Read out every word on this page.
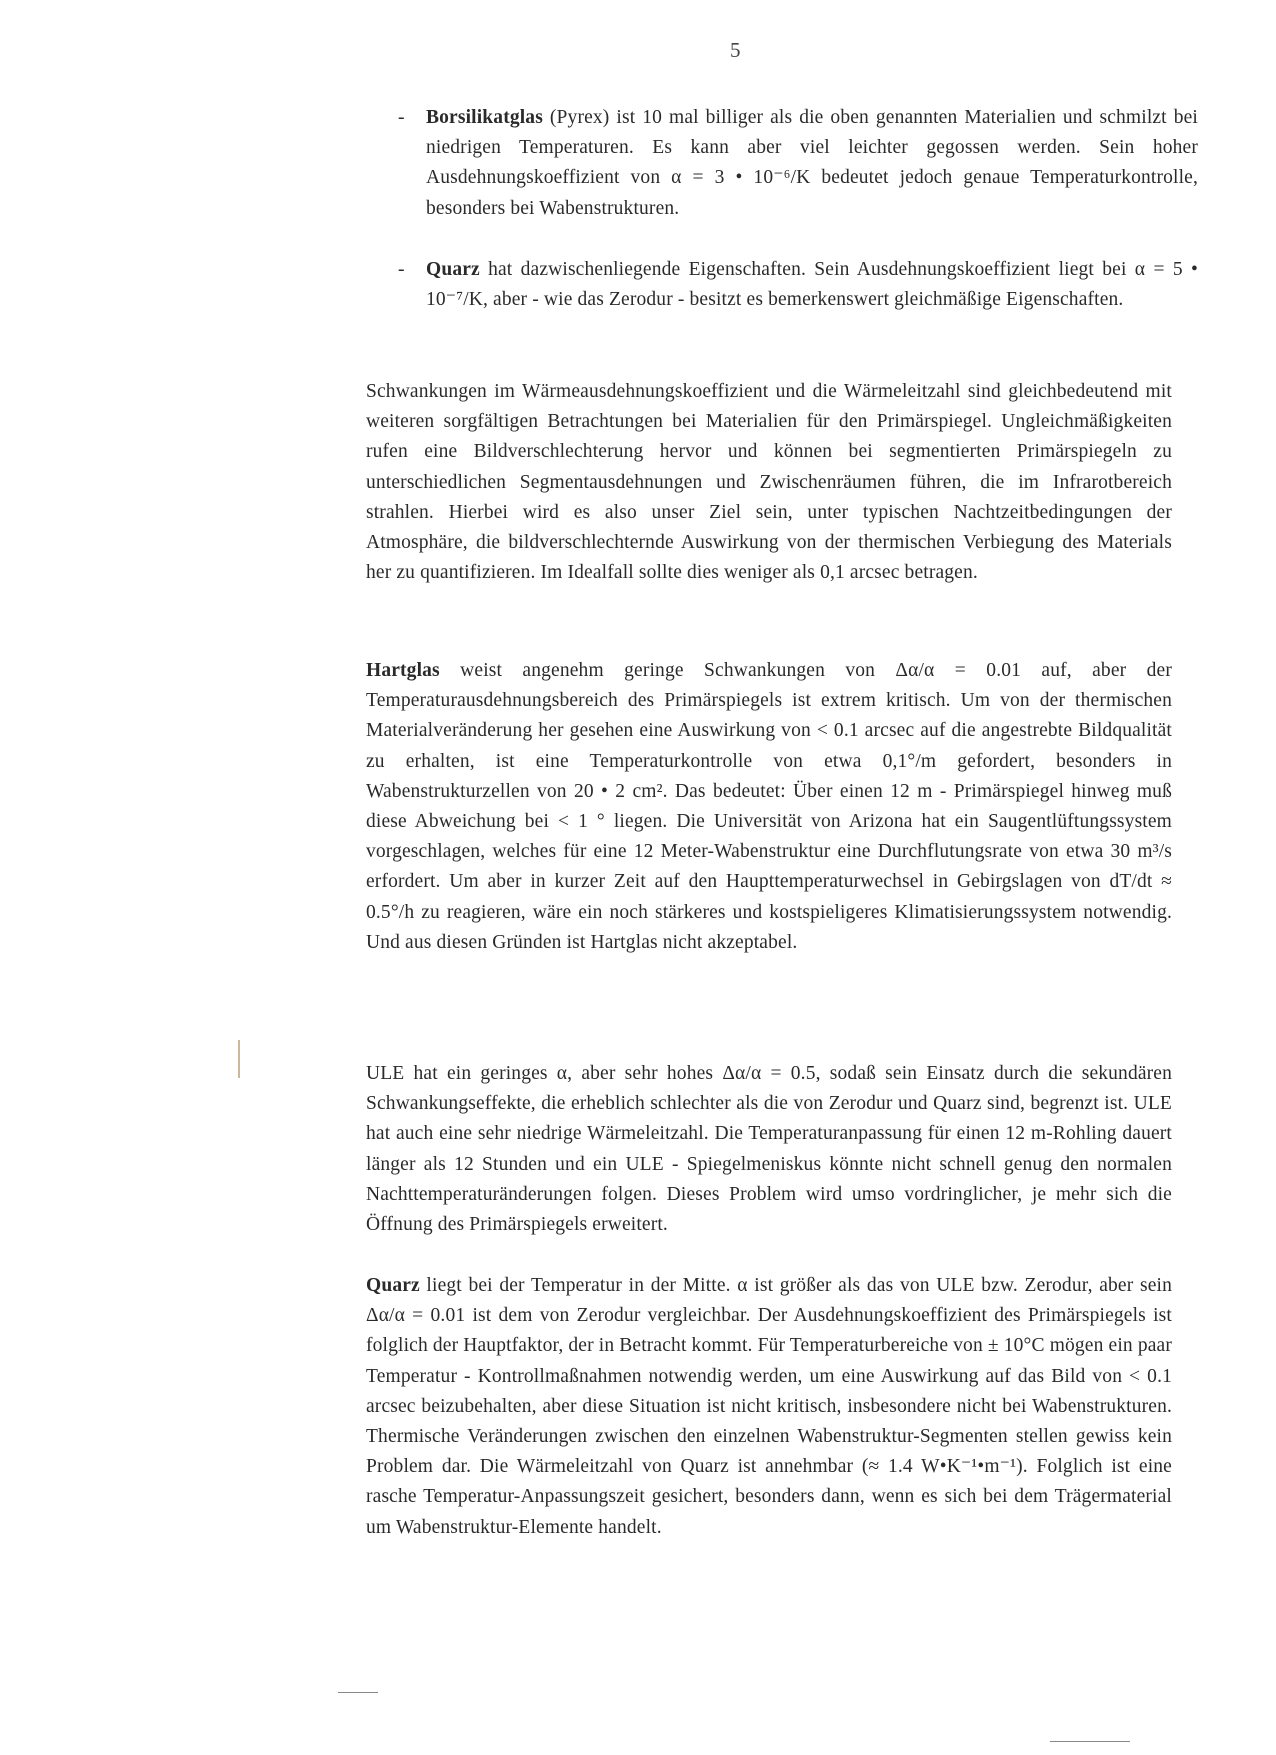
5
- Borsilikatglas (Pyrex) ist 10 mal billiger als die oben genannten Materialien und schmilzt bei niedrigen Temperaturen. Es kann aber viel leichter gegossen werden. Sein hoher Ausdehnungskoeffizient von α = 3 • 10⁻⁶/K bedeutet jedoch genaue Temperaturkontrolle, besonders bei Wabenstrukturen.
- Quarz hat dazwischenliegende Eigenschaften. Sein Ausdehnungskoeffizient liegt bei α = 5 • 10⁻⁷/K, aber - wie das Zerodur - besitzt es bemerkenswert gleichmäßige Eigenschaften.
Schwankungen im Wärmeausdehnungskoeffizient und die Wärmeleitzahl sind gleichbedeutend mit weiteren sorgfältigen Betrachtungen bei Materialien für den Primärspiegel. Ungleichmäßigkeiten rufen eine Bildverschlechterung hervor und können bei segmentierten Primärspiegeln zu unterschiedlichen Segmentausdehnungen und Zwischenräumen führen, die im Infrarotbereich strahlen. Hierbei wird es also unser Ziel sein, unter typischen Nachtzeitbedingungen der Atmosphäre, die bildverschlechternde Auswirkung von der thermischen Verbiegung des Materials her zu quantifizieren. Im Idealfall sollte dies weniger als 0,1 arcsec betragen.
Hartglas weist angenehm geringe Schwankungen von Δα/α = 0.01 auf, aber der Temperaturausdehnungsbereich des Primärspiegels ist extrem kritisch. Um von der thermischen Materialveränderung her gesehen eine Auswirkung von < 0.1 arcsec auf die angestrebte Bildqualität zu erhalten, ist eine Temperaturkontrolle von etwa 0,1°/m gefordert, besonders in Wabenstrukturzellen von 20 • 2 cm². Das bedeutet: Über einen 12 m - Primärspiegel hinweg muß diese Abweichung bei < 1 ° liegen. Die Universität von Arizona hat ein Saugentlüftungssystem vorgeschlagen, welches für eine 12 Meter-Wabenstruktur eine Durchflutungsrate von etwa 30 m³/s erfordert. Um aber in kurzer Zeit auf den Haupttemperaturwechsel in Gebirgslagen von dT/dt ≈ 0.5°/h zu reagieren, wäre ein noch stärkeres und kostspieligeres Klimatisierungssystem notwendig. Und aus diesen Gründen ist Hartglas nicht akzeptabel.
ULE hat ein geringes α, aber sehr hohes Δα/α = 0.5, sodaß sein Einsatz durch die sekundären Schwankungseffekte, die erheblich schlechter als die von Zerodur und Quarz sind, begrenzt ist. ULE hat auch eine sehr niedrige Wärmeleitzahl. Die Temperaturanpassung für einen 12 m-Rohling dauert länger als 12 Stunden und ein ULE - Spiegelmeniskus könnte nicht schnell genug den normalen Nachttemperaturänderungen folgen. Dieses Problem wird umso vordringlicher, je mehr sich die Öffnung des Primärspiegels erweitert.
Quarz liegt bei der Temperatur in der Mitte. α ist größer als das von ULE bzw. Zerodur, aber sein Δα/α = 0.01 ist dem von Zerodur vergleichbar. Der Ausdehnungskoeffizient des Primärspiegels ist folglich der Hauptfaktor, der in Betracht kommt. Für Temperaturbereiche von ± 10°C mögen ein paar Temperatur - Kontrollmaßnahmen notwendig werden, um eine Auswirkung auf das Bild von < 0.1 arcsec beizubehalten, aber diese Situation ist nicht kritisch, insbesondere nicht bei Wabenstrukturen. Thermische Veränderungen zwischen den einzelnen Wabenstruktur-Segmenten stellen gewiss kein Problem dar. Die Wärmeleitzahl von Quarz ist annehmbar (≈ 1.4 W•K⁻¹•m⁻¹). Folglich ist eine rasche Temperatur-Anpassungszeit gesichert, besonders dann, wenn es sich bei dem Trägermaterial um Wabenstruktur-Elemente handelt.
